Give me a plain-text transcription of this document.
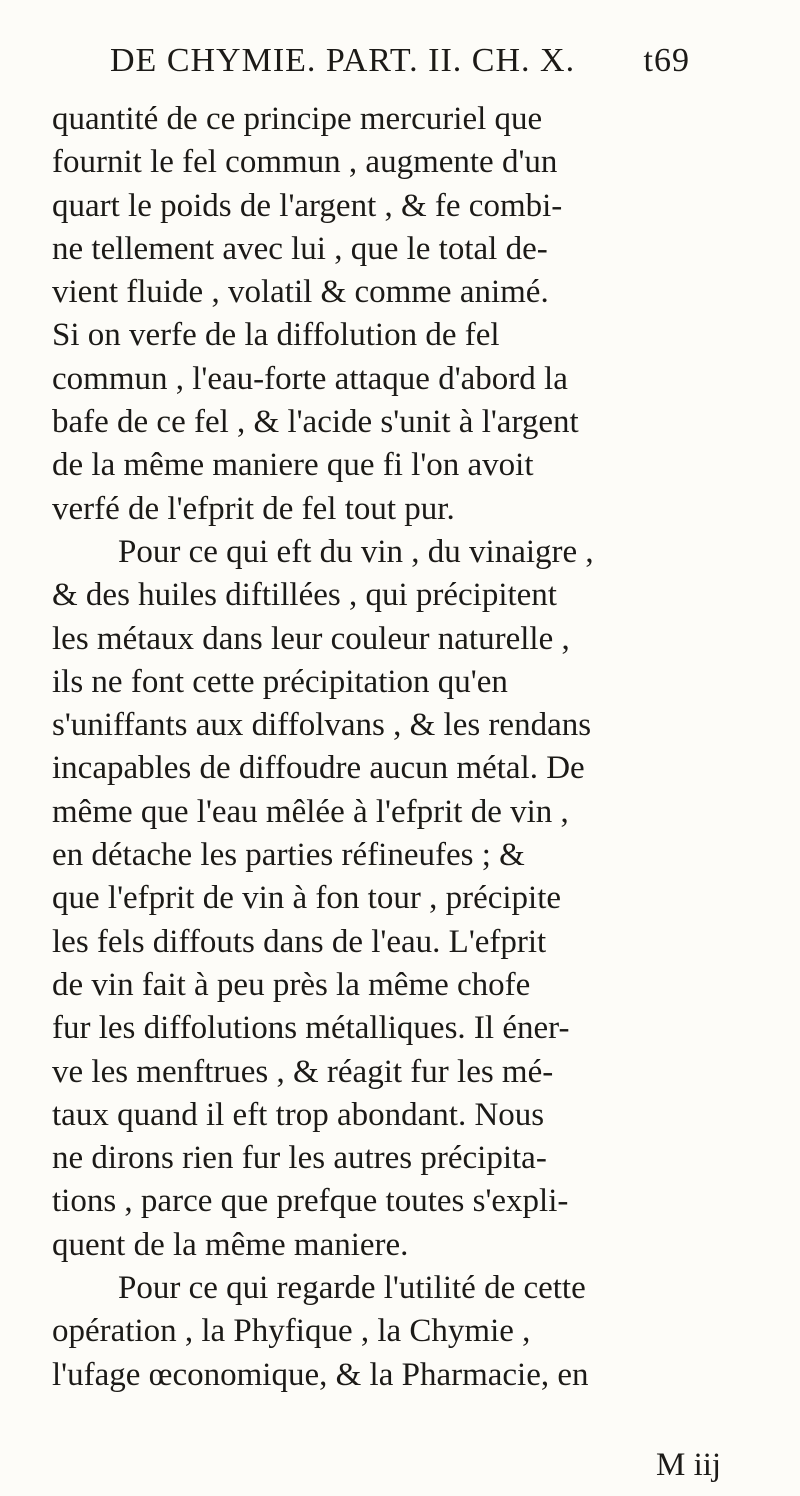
DE CHYMIE. PART. II. CH. X. t69
quantité de ce principe mercuriel que
fournit le fel commun , augmente d'un
quart le poids de l'argent , & fe combi-
ne tellement avec lui , que le total de-
vient fluide , volatil & comme animé.
Si on verfe de la diffolution de fel
commun , l'eau-forte attaque d'abord la
bafe de ce fel , & l'acide s'unit à l'argent
de la même maniere que fi l'on avoit
verfé de l'efprit de fel tout pur.
Pour ce qui eft du vin , du vinaigre ,
& des huiles diftillées , qui précipitent
les métaux dans leur couleur naturelle ,
ils ne font cette précipitation qu'en
s'uniffants aux diffolvans , & les rendans
incapables de diffoudre aucun métal. De
même que l'eau mêlée à l'efprit de vin ,
en détache les parties réfineufes ; &
que l'efprit de vin à fon tour , précipite
les fels diffouts dans de l'eau. L'efprit
de vin fait à peu près la même chofe
fur les diffolutions métalliques. Il éner-
ve les menftrues , & réagit fur les mé-
taux quand il eft trop abondant. Nous
ne dirons rien fur les autres précipita-
tions , parce que prefque toutes s'expli-
quent de la même maniere.
Pour ce qui regarde l'utilité de cette
opération , la Phyfique , la Chymie ,
l'ufage œconomique, & la Pharmacie, en
M iij
